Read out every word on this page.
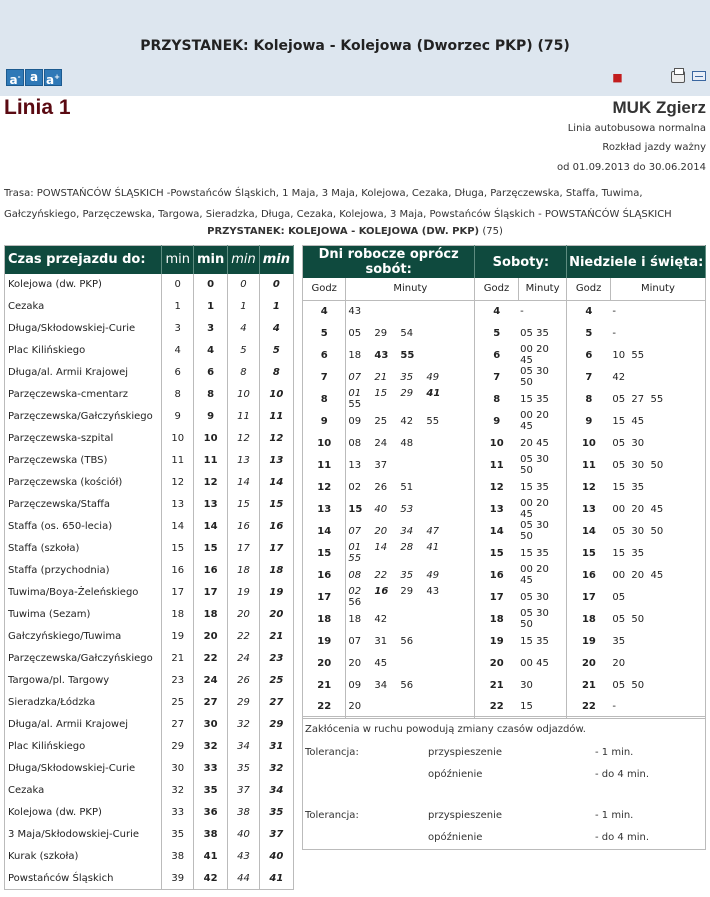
PRZYSTANEK: Kolejowa - Kolejowa (Dworzec PKP) (75)
a- a a+	■
Linia 1	MUK Zgierz
Linia autobusowa normalna
Rozkład jazdy ważny
od 01.09.2013 do 30.06.2014
Trasa: POWSTAŃCÓW ŚLĄSKICH -Powstańców Śląskich, 1 Maja, 3 Maja, Kolejowa, Cezaka, Długa, Parzęczewska, Staffa, Tuwima, Gałczyńskiego, Parzęczewska, Targowa, Sieradzka, Długa, Cezaka, Kolejowa, 3 Maja, Powstańców Śląskich - POWSTAŃCÓW ŚLĄSKICH
PRZYSTANEK: KOLEJOWA - KOLEJOWA (DW. PKP) (75)
Czas przejazdu do:	min	min	min	min
Kolejowa (dw. PKP)	0	0	0	0
Cezaka	1	1	1	1
Długa/Skłodowskiej-Curie	3	3	4	4
Plac Kilińskiego	4	4	5	5
Długa/al. Armii Krajowej	6	6	8	8
Parzęczewska-cmentarz	8	8	10	10
Parzęczewska/Gałczyńskiego	9	9	11	11
Parzęczewska-szpital	10	10	12	12
Parzęczewska (TBS)	11	11	13	13
Parzęczewska (kościół)	12	12	14	14
Parzęczewska/Staffa	13	13	15	15
Staffa (os. 650-lecia)	14	14	16	16
Staffa (szkoła)	15	15	17	17
Staffa (przychodnia)	16	16	18	18
Tuwima/Boya-Żeleńskiego	17	17	19	19
Tuwima (Sezam)	18	18	20	20
Gałczyńskiego/Tuwima	19	20	22	21
Parzęczewska/Gałczyńskiego	21	22	24	23
Targowa/pl. Targowy	23	24	26	25
Sieradzka/Łódzka	25	27	29	27
Długa/al. Armii Krajowej	27	30	32	29
Plac Kilińskiego	29	32	34	31
Długa/Skłodowskiej-Curie	30	33	35	32
Cezaka	32	35	37	34
Kolejowa (dw. PKP)	33	36	38	35
3 Maja/Skłodowskiej-Curie	35	38	40	37
Kurak (szkoła)	38	41	43	40
Powstańców Śląskich	39	42	44	41
Dni robocze oprócz sobót:		Soboty:		Niedziele i święta:	
Godz	Minuty	Godz	Minuty	Godz	Minuty
4	43	4	-	4	-
5	05 29 54	5	05 35	5	-
6	18 43 55	6	00 20 45	6	10  55
7	07 21 35 49	7	05 30 50	7	42
8	01 15 29 4155	8	15 35	8	05  27  55
9	09 25 42 55	9	00 20 45	9	15  45
10	08 24 48	10	20 45	10	05  30
11	13 37	11	05 30 50	11	05  30  50
12	02 26 51	12	15 35	12	15  35
13	15 40 53	13	00 20 45	13	00  20  45
14	07 20 34 47	14	05 30 50	14	05  30  50
15	01 14 28 4155	15	15 35	15	15  35
16	08 22 35 49	16	00 20 45	16	00  20  45
17	02 16 29 4356	17	05 30	17	05
18	18 42	18	05 30 50	18	05  50
19	07 31 56	19	15 35	19	35
20	20 45	20	00 45	20	20
21	09 34 56	21	30	21	05  50
22	20	22	15	22	-
Zakłócenia w ruchu powodują zmiany czasów odjazdów.
Tolerancja:	przyspieszenie	- 1 min.
opóźnienie	- do 4 min.
Tolerancja:	przyspieszenie	- 1 min.
opóźnienie	- do 4 min.
